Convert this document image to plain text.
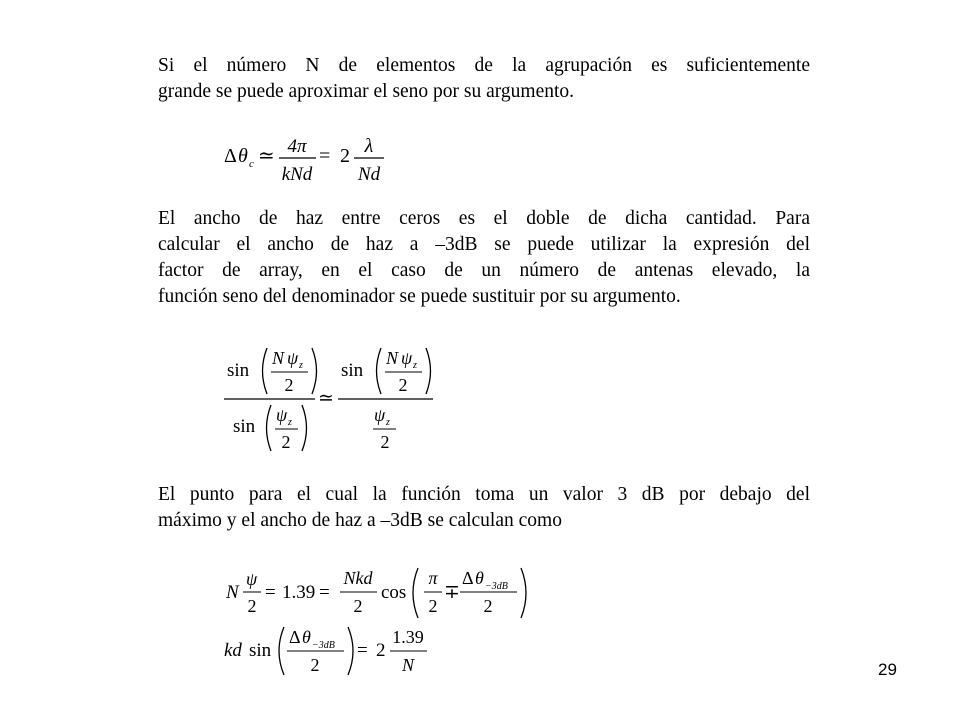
Si el número N de elementos de la agrupación es suficientemente
grande se puede aproximar el seno por su argumento.
Δ θ c ≃ 4π
kNd
= 2 λ
Nd
El ancho de haz entre ceros es el doble de dicha cantidad. Para
calcular el ancho de haz a –3dB se puede utilizar la expresión del
factor de array, en el caso de un número de antenas elevado, la
función seno del denominador se puede sustituir por su argumento.
sin
N ψ z
2
sin
ψ z
2
≃
sin
N ψ z
2
ψ z
2
El punto para el cual la función toma un valor 3 dB por debajo del
máximo y el ancho de haz a –3dB se calculan como
N
ψ
2
= 1.39 =
Nkd
2
cos
π
2
∓
Δ θ −3dB
2
kd sin
Δ θ −3dB
2
= 2
1.39
N	29
